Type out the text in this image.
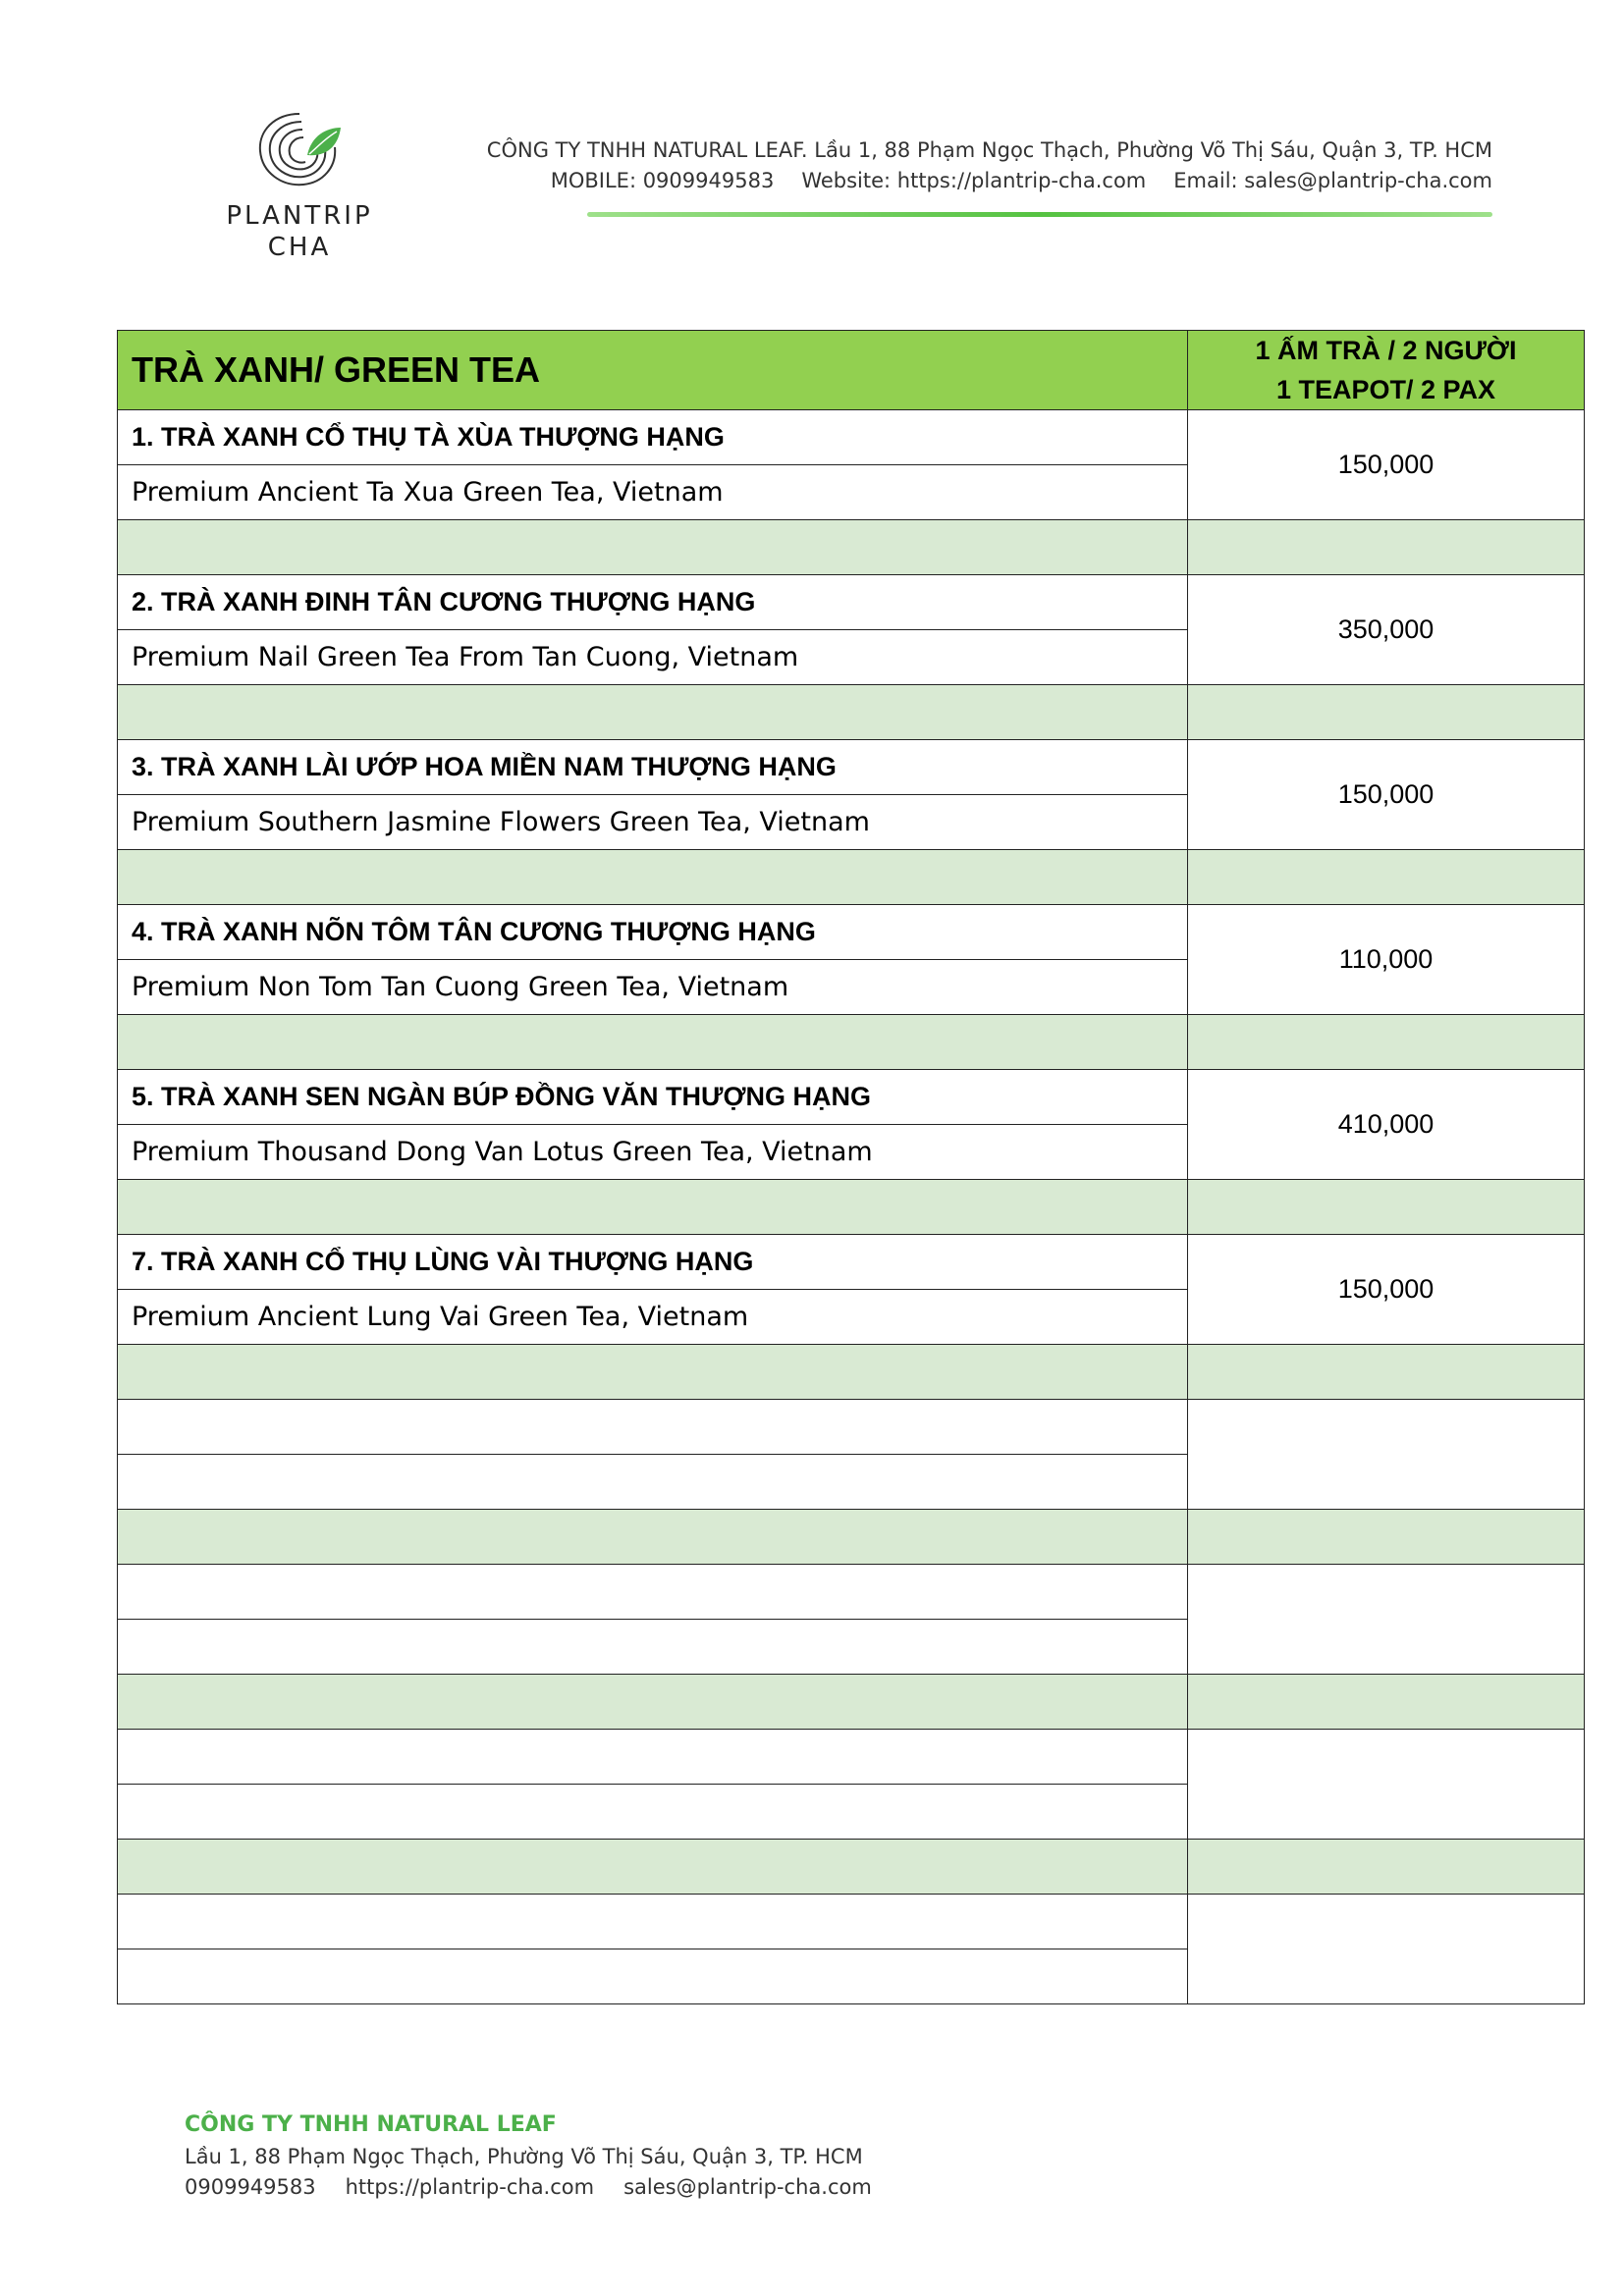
PLANTRIP
CHA
CÔNG TY TNHH NATURAL LEAF. Lầu 1, 88 Phạm Ngọc Thạch, Phường Võ Thị Sáu, Quận 3, TP. HCM
MOBILE: 0909949583 Website: https://plantrip-cha.com Email: sales@plantrip-cha.com
TRÀ XANH/ GREEN TEA	1 ẤM TRÀ / 2 NGƯỜI
1 TEAPOT/ 2 PAX

1. TRÀ XANH CỔ THỤ TÀ XÙA THƯỢNG HẠNG	150,000
Premium Ancient Ta Xua Green Tea, Vietnam	

2. TRÀ XANH ĐINH TÂN CƯƠNG THƯỢNG HẠNG	350,000
Premium Nail Green Tea From Tan Cuong, Vietnam	

3. TRÀ XANH LÀI ƯỚP HOA MIỀN NAM THƯỢNG HẠNG	150,000
Premium Southern Jasmine Flowers Green Tea, Vietnam	

4. TRÀ XANH NÕN TÔM TÂN CƯƠNG THƯỢNG HẠNG	110,000
Premium Non Tom Tan Cuong Green Tea, Vietnam	

5. TRÀ XANH SEN NGÀN BÚP ĐỒNG VĂN THƯỢNG HẠNG	410,000
Premium Thousand Dong Van Lotus Green Tea, Vietnam	

7. TRÀ XANH CỔ THỤ LÙNG VÀI THƯỢNG HẠNG	150,000
Premium Ancient Lung Vai Green Tea, Vietnam	

CÔNG TY TNHH NATURAL LEAF
Lầu 1, 88 Phạm Ngọc Thạch, Phường Võ Thị Sáu, Quận 3, TP. HCM
0909949583 https://plantrip-cha.com sales@plantrip-cha.com
